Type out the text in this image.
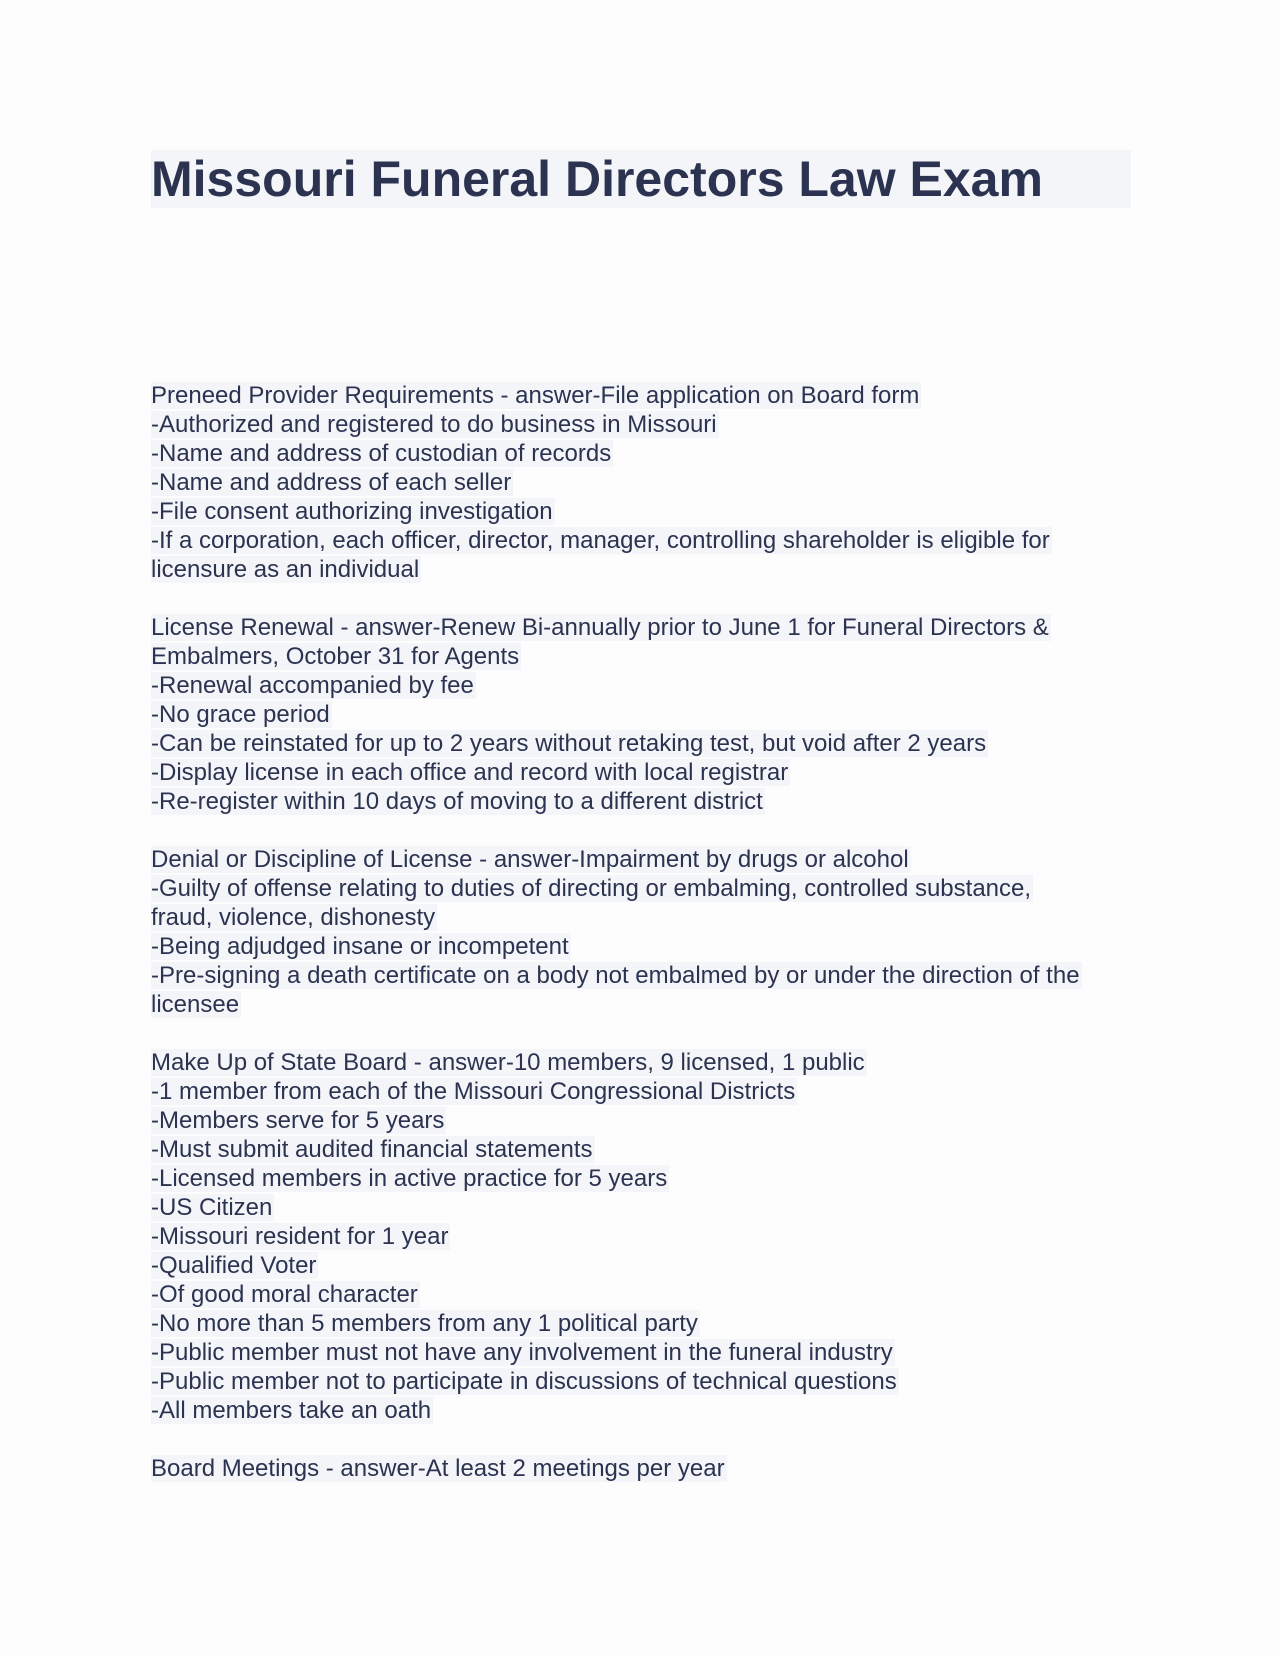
Missouri Funeral Directors Law Exam
Preneed Provider Requirements - answer-File application on Board form
-Authorized and registered to do business in Missouri
-Name and address of custodian of records
-Name and address of each seller
-File consent authorizing investigation
-If a corporation, each officer, director, manager, controlling shareholder is eligible for
licensure as an individual
License Renewal - answer-Renew Bi-annually prior to June 1 for Funeral Directors &
Embalmers, October 31 for Agents
-Renewal accompanied by fee
-No grace period
-Can be reinstated for up to 2 years without retaking test, but void after 2 years
-Display license in each office and record with local registrar
-Re-register within 10 days of moving to a different district
Denial or Discipline of License - answer-Impairment by drugs or alcohol
-Guilty of offense relating to duties of directing or embalming, controlled substance,
fraud, violence, dishonesty
-Being adjudged insane or incompetent
-Pre-signing a death certificate on a body not embalmed by or under the direction of the
licensee
Make Up of State Board - answer-10 members, 9 licensed, 1 public
-1 member from each of the Missouri Congressional Districts
-Members serve for 5 years
-Must submit audited financial statements
-Licensed members in active practice for 5 years
-US Citizen
-Missouri resident for 1 year
-Qualified Voter
-Of good moral character
-No more than 5 members from any 1 political party
-Public member must not have any involvement in the funeral industry
-Public member not to participate in discussions of technical questions
-All members take an oath
Board Meetings - answer-At least 2 meetings per year
